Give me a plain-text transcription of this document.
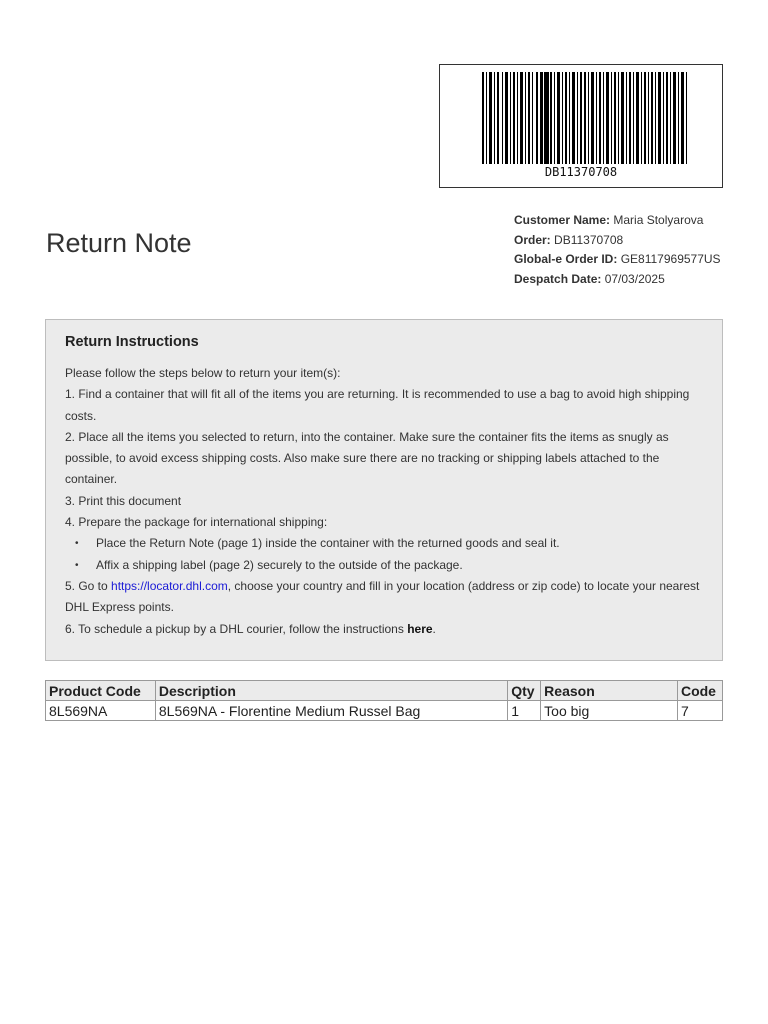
DB11370708
Return Note
Customer Name: Maria Stolyarova
Order: DB11370708
Global-e Order ID: GE8117969577US
Despatch Date: 07/03/2025
Return Instructions

Please follow the steps below to return your item(s):

1. Find a container that will fit all of the items you are returning. It is recommended to use a bag to avoid high shipping costs.

2. Place all the items you selected to return, into the container. Make sure the container fits the items as snugly as possible, to avoid excess shipping costs. Also make sure there are no tracking or shipping labels attached to the container.

3. Print this document

4. Prepare the package for international shipping:

• Place the Return Note (page 1) inside the container with the returned goods and seal it.
• Affix a shipping label (page 2) securely to the outside of the package.

5. Go to https://locator.dhl.com, choose your country and fill in your location (address or zip code) to locate your nearest DHL Express points.

6. To schedule a pickup by a DHL courier, follow the instructions here.

Product Code	Description	Qty	Reason	Code
8L569NA	8L569NA - Florentine Medium Russel Bag	1	Too big	7
